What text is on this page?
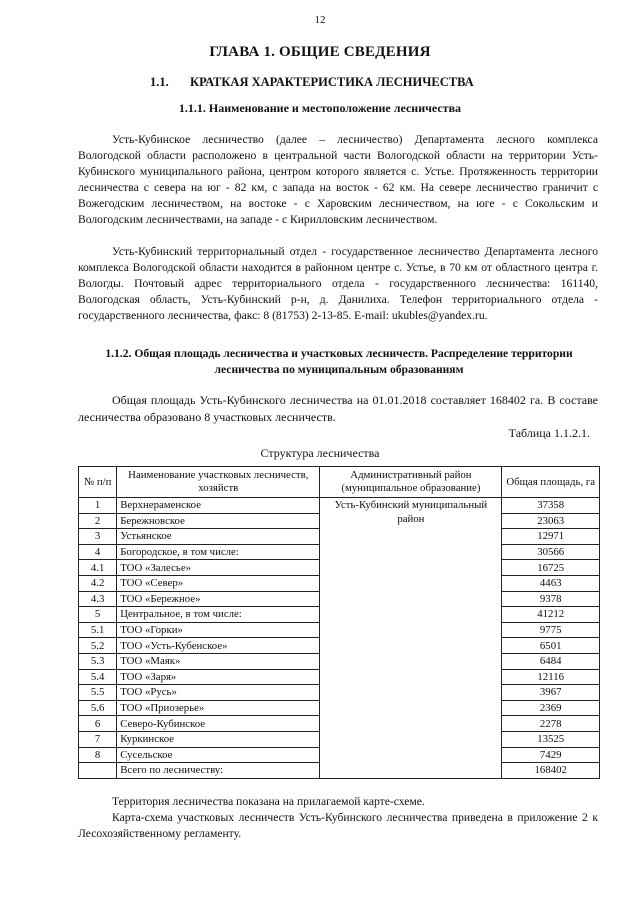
12
ГЛАВА 1. ОБЩИЕ СВЕДЕНИЯ
1.1. КРАТКАЯ ХАРАКТЕРИСТИКА ЛЕСНИЧЕСТВА
1.1.1. Наименование и местоположение лесничества

Усть-Кубинское лесничество (далее – лесничество) Департамента лесного комплекса Вологодской области расположено в центральной части Вологодской области на территории Усть-Кубинского муниципального района, центром которого является с. Устье. Протяженность территории лесничества с севера на юг - 82 км, с запада на восток - 62 км. На севере лесничество граничит с Вожегодским лесничеством, на востоке - с Харовским лесничеством, на юге - с Сокольским и Вологодским лесничествами, на западе - с Кирилловским лесничеством.

Усть-Кубинский территориальный отдел - государственное лесничество Департамента лесного комплекса Вологодской области находится в районном центре с. Устье, в 70 км от областного центра г. Вологды. Почтовый адрес территориального отдела - государственного лесничества: 161140, Вологодская область, Усть-Кубинский р-н, д. Данилиха. Телефон территориального отдела - государственного лесничества, факс: 8 (81753) 2-13-85. E-mail: ukubles@yandex.ru.

1.1.2. Общая площадь лесничества и участковых лесничеств. Распределение территории лесничества по муниципальным образованиям

Общая площадь Усть-Кубинского лесничества на 01.01.2018 составляет 168402 га. В составе лесничества образовано 8 участковых лесничеств.

Таблица 1.1.2.1.
Структура лесничества
№ п/п	Наименование участковых лесничеств, хозяйств	Административный район (муниципальное образование)	Общая площадь, га
1	Верхнераменское	Усть-Кубинский муниципальный район	37358
2	Бережновское		23063
3	Устьянское		12971
4	Богородское, в том числе:		30566
4.1	ТОО «Залесье»		16725
4.2	ТОО «Север»		4463
4.3	ТОО «Бережное»		9378
5	Центральное, в том числе:		41212
5.1	ТОО «Горки»		9775
5.2	ТОО «Усть-Кубенское»		6501
5.3	ТОО «Маяк»		6484
5.4	ТОО «Заря»		12116
5.5	ТОО «Русь»		3967
5.6	ТОО «Приозерье»		2369
6	Северо-Кубинское		2278
7	Куркинское		13525
8	Сусельское		7429
	Всего по лесничеству:		168402

Территория лесничества показана на прилагаемой карте-схеме.

Карта-схема участковых лесничеств Усть-Кубинского лесничества приведена в приложение 2 к Лесохозяйственному регламенту.
